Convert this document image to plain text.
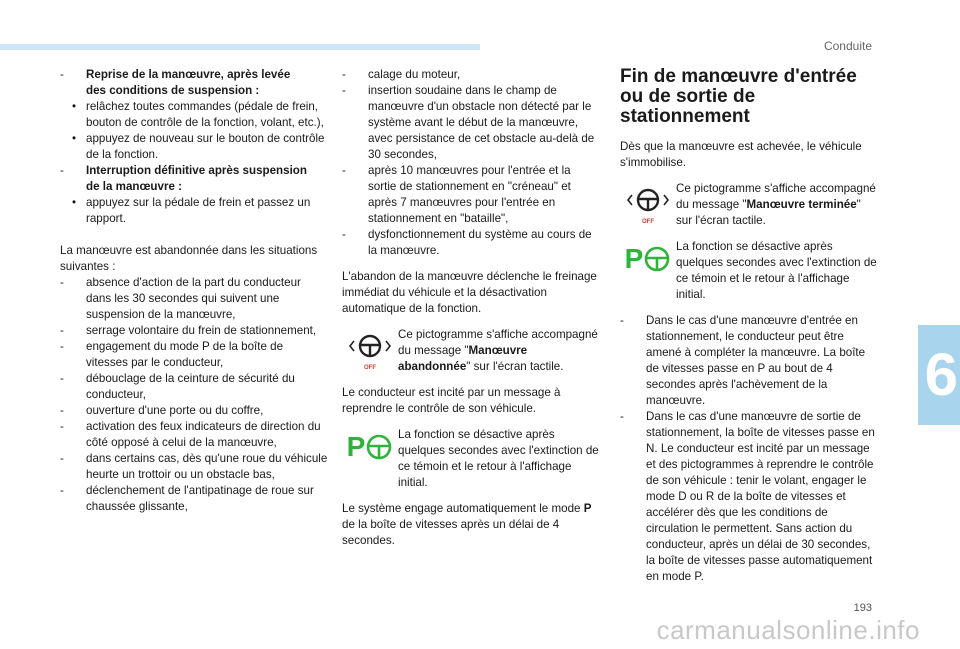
Conduite
6
- Reprise de la manœuvre, après levée
des conditions de suspension :
• relâchez toutes commandes (pédale de frein, bouton de contrôle de la fonction, volant, etc.),
• appuyez de nouveau sur le bouton de contrôle de la fonction.
- Interruption définitive après suspension
de la manœuvre :
• appuyez sur la pédale de frein et passez un rapport.

La manœuvre est abandonnée dans les situations suivantes :

- absence d'action de la part du conducteur dans les 30 secondes qui suivent une suspension de la manœuvre,
- serrage volontaire du frein de stationnement,
- engagement du mode P de la boîte de vitesses par le conducteur,
- débouclage de la ceinture de sécurité du conducteur,
- ouverture d'une porte ou du coffre,
- activation des feux indicateurs de direction du côté opposé à celui de la manœuvre,
- dans certains cas, dès qu'une roue du véhicule heurte un trottoir ou un obstacle bas,
- déclenchement de l'antipatinage de roue sur chaussée glissante,
- calage du moteur,
- insertion soudaine dans le champ de manœuvre d'un obstacle non détecté par le système avant le début de la manœuvre, avec persistance de cet obstacle au-delà de 30 secondes,
- après 10 manœuvres pour l'entrée et la sortie de stationnement en "créneau" et après 7 manœuvres pour l'entrée en stationnement en "bataille",
- dysfonctionnement du système au cours de la manœuvre.

L'abandon de la manœuvre déclenche le freinage immédiat du véhicule et la désactivation automatique de la fonction.

OFF
Ce pictogramme s'affiche accompagné du message "Manœuvre abandonnée" sur l'écran tactile.

Le conducteur est incité par un message à reprendre le contrôle de son véhicule.

P	La fonction se désactive après quelques secondes avec l'extinction de ce témoin et le retour à l'affichage initial.

Le système engage automatiquement le mode P de la boîte de vitesses après un délai de 4 secondes.

Fin de manœuvre d'entrée ou de sortie de stationnement

Dès que la manœuvre est achevée, le véhicule s'immobilise.

OFF
Ce pictogramme s'affiche accompagné du message "Manœuvre terminée" sur l'écran tactile.
P	La fonction se désactive après quelques secondes avec l'extinction de ce témoin et le retour à l'affichage initial.
- Dans le cas d'une manœuvre d'entrée en stationnement, le conducteur peut être amené à compléter la manœuvre. La boîte de vitesses passe en P au bout de 4 secondes après l'achèvement de la manœuvre.
- Dans le cas d'une manœuvre de sortie de stationnement, la boîte de vitesses passe en N. Le conducteur est incité par un message et des pictogrammes à reprendre le contrôle de son véhicule : tenir le volant, engager le mode D ou R de la boîte de vitesses et accélérer dès que les conditions de circulation le permettent. Sans action du conducteur, après un délai de 30 secondes, la boîte de vitesses passe automatiquement en mode P.
193
carmanualsonline.info
